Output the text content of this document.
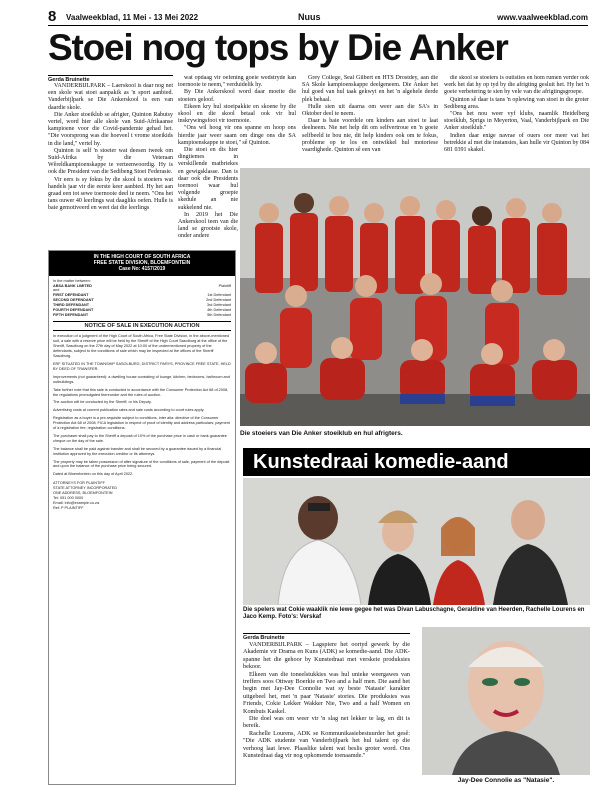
8 Vaalweekblad, 11 Mei - 13 Mei 2022	Nuus	www.vaalweekblad.com
Stoei nog tops by Die Anker
Gerda Bruinette

VANDERBIJLPARK – Laerskool is daar nog net een skole wat stoei aanpakik as 'n sport aanbied. Vanderbijlpark se Die Ankerskool is een van daardie skole.

Die Anker stoeiklub se afrigter, Quinton Rabutsy vertel, word hier alle skole van Suid-Afrikaanse kampioene voor die Covid-pandemie gehad het. "Die voorsprong was die hoeveel t vrome stoeikids in die land," vertel hy.

Quinton is self 'n stoeier wat deesen tweek om Suid-Afrika by die Veteraan Wêreldkampioenskappe te verteenwoordig. Hy is ook die President van die Sedibeng Stoei Federasie.

Vir eers is sy fokus by die skool is stoeiers wat handels jaar vir die eerste keer aanbied. Hy het aan graad een tot sewe toernooie deel te neem. "Ons het tans ouwer 40 leerlings wat daagliks oefen. Hulle is baie gemotiveerd en weet dat die leerlings

wat opdaag vir oefening goeie wedstryde kan toernooie te neem," verduidelik hy.

By Die Ankerskool word daar moeite die stoeiers geloof.

Eikeen kry hul stoeipakkie en skoene by die skool en die skool betaal ook vir hul inskrywingsfooi vir toernooie.

"Ons wil hoog vir ons spanne en hoop ons hierdie jaar weer saam om dinge ons die SA kampioenskappe te stoei," sê Quinton.

Die stoei en dis hier dingtiemes in verskillende matbriekes en gewigsklasse. Dan is daar ook die Presidents toernooi waar hul volgende groepie skedule an nie sukkelend nie.

In 2019 het Die Ankerskool teen van die land se grootste skole, onder andere

Grey College, Seal Gilbert en HTS Drostdey, aan die SA Skole kampioenskappe deelgeneem. Die Anker het hul goed van hul taak gekwyt en het 'n algehele derde plek behaal.

Hulle sien uit daarna om weer aan die SA's in Oktober deel te neem.

Daar is baie voordele om kinders aan stoei te laat deelneem. Nie net help dit om selfvertroue en 'n goeie selfbeeld te bou nie, dit help kinders ook om te fokus, probleme op te los en ontwikkel hul motoriese vaardighede. Quinton sê een van

die skool se stoeiers is outisties en hom rumen verder ook werk het dat hy op tyd by die afrigting gesluit het. Hy het 'n goeie verbetering te sien by vele van die afrigtingsgroepe.

Quinton sê daar is tans 'n oplewing van stoei in die groter Sedibeng area.

"Ons het nou weer vyf klubs, naamlik Heidelberg stoeiklub, Sprigs in Meyerton, Vaal, Vanderbijlpark en Die Anker stoeiklub."

Indien daar enige navrae of ouers oor meer vat het betrekkie al met die instansies, kan hulle vir Quinton by 084 681 0391 skakel.

Die stoeiers van Die Anker stoeiklub en hul afrigters.
IN THE HIGH COURT OF SOUTH AFRICA
FREE STATE DIVISION, BLOEMFONTEIN
Case No: 4157/2019
In the matter between:
ABSA BANK LIMITED	Plaintiff
and
FIRST DEFENDANT	1st Defendant
SECOND DEFENDANT	2nd Defendant
THIRD DEFENDANT	3rd Defendant
FOURTH DEFENDANT	4th Defendant
FIFTH DEFENDANT	5th Defendant
NOTICE OF SALE IN EXECUTION AUCTION
In execution of a judgment of the High Court of South Africa, Free State Division, in the above-mentioned suit, a sale with a reserve price will be held by the Sheriff of the High Court Sasolburg at the office of the Sheriff, Sasolburg on the 27th day of May 2022 at 10:00 of the undermentioned property of the defendants, subject to the conditions of sale which may be inspected at the offices of the Sheriff Sasolburg.
ERF SITUATED IN THE TOWNSHIP SASOLBURG, DISTRICT PARYS, PROVINCE FREE STATE, HELD BY DEED OF TRANSFER.
Improvements (not guaranteed): a dwelling house consisting of lounge, kitchen, bedrooms, bathroom and outbuildings.
Take further note that this sale is conducted in accordance with the Consumer Protection Act 68 of 2008, the regulations promulgated thereunder and the rules of auction.
The auction will be conducted by the Sheriff, or his Deputy.
Advertising costs at current publication rates and sale costs according to court rules apply.
Registration as a buyer is a pre-requisite subject to conditions, inter alia: directive of the Consumer Protection Act 68 of 2008; FICA legislation in respect of proof of identity and address particulars; payment of a registration fee; registration conditions.
The purchaser shall pay to the Sheriff a deposit of 10% of the purchase price in cash or bank guarantee cheque on the day of the sale.
The balance shall be paid against transfer and shall be secured by a guarantee issued by a financial institution approved by the execution creditor or its attorneys.
The property may be taken possession of after signature of the conditions of sale, payment of the deposit and upon the balance of the purchase price being secured.
Dated at Bloemfontein on this day of April 2022.
ATTORNEYS FOR PLAINTIFF
STATE ATTORNEY INCORPORATED
ONE ADDRESS, BLOEMFONTEIN
Tel: 051 000 0000
Email: info@example.co.za
Ref: P PLAINTIFF
Kunstedraai komedie-aand
Die spelers wat Cokie waaklik nie lewe gegee het was Divan Labuschagne, Geraldine van Heerden, Rachelle Lourens en Jaco Kemp. Foto's: Verskaf
Gerda Bruinette

VANDERBIJLPARK – Lagspiere het oortyd gewerk by die Akademie vir Drama en Kuns (ADK) se komedie-aand. Die ADK-spanne het die gehoor by Kunstedraai met verskeie produksies bekoor.

Elkeen van die toneelstukkies was hul unieke weergawes van treffers soos Ottway Boerkie en Two and a half men. Die aand het begin met Jay-Dee Connolie wat sy beste 'Natasie' karakter uitgebeel het, met 'n paar 'Natasie' stories. Die produksies was Friends, Cokie Lekker Wakker Nie, Two and a half Women en Kombuis Kaskel.

Die doel was om weer vir 'n slag net lekker te lag, en dit is bereik.

Rachelle Lourens, ADK se Kommunikasiebestuurder het gesê: "Die ADK studente van Vanderbijlpark het hul talent op die verhoog laat lewe. Plaaslike talent wat beslis groter word. Ons Kunstedraai dag vir nog opkomende toenaamde."

Jay-Dee Connolie as "Natasie".
